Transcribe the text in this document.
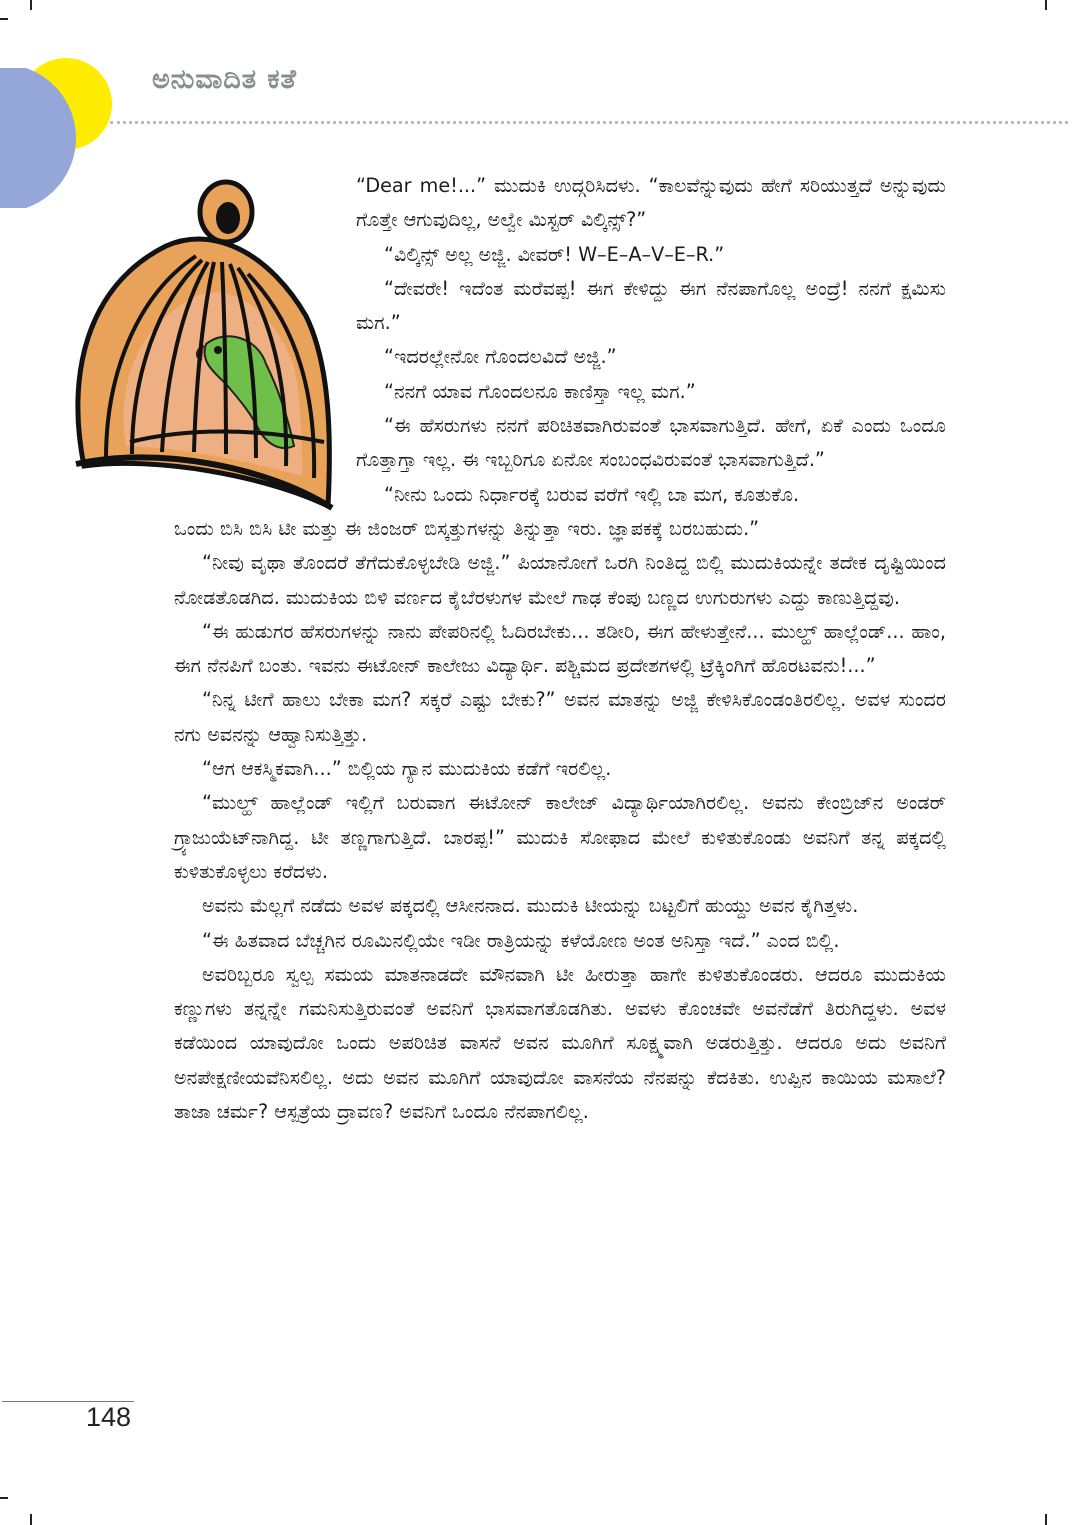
ಅನುವಾದಿತ ಕತೆ

“Dear me!...” ಮುದುಕಿ ಉದ್ಗರಿಸಿದಳು. “ಕಾಲವೆನ್ನುವುದು ಹೇಗೆ ಸರಿಯುತ್ತದೆ ಅನ್ನುವುದು ಗೊತ್ತೇ ಆಗುವುದಿಲ್ಲ, ಅಲ್ವೇ ಮಿಸ್ಟರ್ ವಿಲ್ಕಿನ್ಸ್?”

“ವಿಲ್ಕಿನ್ಸ್ ಅಲ್ಲ ಅಜ್ಜಿ. ವೀವರ್! W–E–A–V–E–R.”

“ದೇವರೇ! ಇದೆಂತ ಮರೆವಪ್ಪ! ಈಗ ಕೇಳಿದ್ದು ಈಗ ನೆನಪಾಗೊಲ್ಲ ಅಂದ್ರೆ! ನನಗೆ ಕ್ಷಮಿಸು ಮಗ.”

“ಇದರಲ್ಲೇನೋ ಗೊಂದಲವಿದೆ ಅಜ್ಜಿ.”

“ನನಗೆ ಯಾವ ಗೊಂದಲನೂ ಕಾಣಿಸ್ತಾ ಇಲ್ಲ ಮಗ.”

“ಈ ಹೆಸರುಗಳು ನನಗೆ ಪರಿಚಿತವಾಗಿರುವಂತೆ ಭಾಸವಾಗುತ್ತಿದೆ. ಹೇಗೆ, ಏಕೆ ಎಂದು ಒಂದೂ ಗೊತ್ತಾಗ್ತಾ ಇಲ್ಲ. ಈ ಇಬ್ಬರಿಗೂ ಏನೋ ಸಂಬಂಧವಿರುವಂತೆ ಭಾಸವಾಗುತ್ತಿದೆ.”

“ನೀನು ಒಂದು ನಿರ್ಧಾರಕ್ಕೆ ಬರುವ ವರೆಗೆ ಇಲ್ಲಿ ಬಾ ಮಗ, ಕೂತುಕೊ.

ಒಂದು ಬಿಸಿ ಬಿಸಿ ಟೀ ಮತ್ತು ಈ ಜಿಂಜರ್ ಬಿಸ್ಕತ್ತುಗಳನ್ನು ತಿನ್ನುತ್ತಾ ಇರು. ಜ್ಞಾಪಕಕ್ಕೆ ಬರಬಹುದು.”

“ನೀವು ವೃಥಾ ತೊಂದರೆ ತೆಗೆದುಕೊಳ್ಳಬೇಡಿ ಅಜ್ಜಿ.” ಪಿಯಾನೋಗೆ ಒರಗಿ ನಿಂತಿದ್ದ ಬಿಲ್ಲಿ ಮುದುಕಿಯನ್ನೇ ತದೇಕ ದೃಷ್ಟಿಯಿಂದ ನೋಡತೊಡಗಿದ. ಮುದುಕಿಯ ಬಿಳಿ ವರ್ಣದ ಕೈಬೆರಳುಗಳ ಮೇಲೆ ಗಾಢ ಕೆಂಪು ಬಣ್ಣದ ಉಗುರುಗಳು ಎದ್ದು ಕಾಣುತ್ತಿದ್ದವು.

“ಈ ಹುಡುಗರ ಹೆಸರುಗಳನ್ನು ನಾನು ಪೇಪರಿನಲ್ಲಿ ಓದಿರಬೇಕು... ತಡೀರಿ, ಈಗ ಹೇಳುತ್ತೇನೆ... ಮುಲ್ಹ್ ಹಾಲ್ಲೆಂಡ್... ಹಾಂ, ಈಗ ನೆನಪಿಗೆ ಬಂತು. ಇವನು ಈಟೋನ್ ಕಾಲೇಜು ವಿದ್ಯಾರ್ಥಿ. ಪಶ್ಚಿಮದ ಪ್ರದೇಶಗಳಲ್ಲಿ ಟ್ರೆಕ್ಕಿಂಗಿಗೆ ಹೊರಟವನು!...”

“ನಿನ್ನ ಟೀಗೆ ಹಾಲು ಬೇಕಾ ಮಗ? ಸಕ್ಕರೆ ಎಷ್ಟು ಬೇಕು?” ಅವನ ಮಾತನ್ನು ಅಜ್ಜಿ ಕೇಳಿಸಿಕೊಂಡಂತಿರಲಿಲ್ಲ. ಅವಳ ಸುಂದರ ನಗು ಅವನನ್ನು ಆಹ್ವಾನಿಸುತ್ತಿತ್ತು.

“ಆಗ ಆಕಸ್ಮಿಕವಾಗಿ...” ಬಿಲ್ಲಿಯ ಗ್ಯಾನ ಮುದುಕಿಯ ಕಡೆಗೆ ಇರಲಿಲ್ಲ.

“ಮುಲ್ಹ್ ಹಾಲ್ಲೆಂಡ್ ಇಲ್ಲಿಗೆ ಬರುವಾಗ ಈಟೋನ್ ಕಾಲೇಜ್ ವಿದ್ಯಾರ್ಥಿಯಾಗಿರಲಿಲ್ಲ. ಅವನು ಕೇಂಬ್ರಿಜ್‌ನ ಅಂಡರ್ ಗ್ರ್ಯಾಜುಯೆಟ್‌ನಾಗಿದ್ದ. ಟೀ ತಣ್ಣಗಾಗುತ್ತಿದೆ. ಬಾರಪ್ಪ!” ಮುದುಕಿ ಸೋಫಾದ ಮೇಲೆ ಕುಳಿತುಕೊಂಡು ಅವನಿಗೆ ತನ್ನ ಪಕ್ಕದಲ್ಲಿ ಕುಳಿತುಕೊಳ್ಳಲು ಕರೆದಳು.

ಅವನು ಮೆಲ್ಲಗೆ ನಡೆದು ಅವಳ ಪಕ್ಕದಲ್ಲಿ ಆಸೀನನಾದ. ಮುದುಕಿ ಟೀಯನ್ನು ಬಟ್ಟಲಿಗೆ ಹುಯ್ದು ಅವನ ಕೈಗಿತ್ತಳು.

“ಈ ಹಿತವಾದ ಬೆಚ್ಚಗಿನ ರೂಮಿನಲ್ಲಿಯೇ ಇಡೀ ರಾತ್ರಿಯನ್ನು ಕಳೆಯೋಣ ಅಂತ ಅನಿಸ್ತಾ ಇದೆ.” ಎಂದ ಬಿಲ್ಲಿ.

ಅವರಿಬ್ಬರೂ ಸ್ವಲ್ಪ ಸಮಯ ಮಾತನಾಡದೇ ಮೌನವಾಗಿ ಟೀ ಹೀರುತ್ತಾ ಹಾಗೇ ಕುಳಿತುಕೊಂಡರು. ಆದರೂ ಮುದುಕಿಯ ಕಣ್ಣುಗಳು ತನ್ನನ್ನೇ ಗಮನಿಸುತ್ತಿರುವಂತೆ ಅವನಿಗೆ ಭಾಸವಾಗತೊಡಗಿತು. ಅವಳು ಕೊಂಚವೇ ಅವನೆಡೆಗೆ ತಿರುಗಿದ್ದಳು. ಅವಳ ಕಡೆಯಿಂದ ಯಾವುದೋ ಒಂದು ಅಪರಿಚಿತ ವಾಸನೆ ಅವನ ಮೂಗಿಗೆ ಸೂಕ್ಷ್ಮವಾಗಿ ಅಡರುತ್ತಿತ್ತು. ಆದರೂ ಅದು ಅವನಿಗೆ ಅನಪೇಕ್ಷಣೀಯವೆನಿಸಲಿಲ್ಲ. ಅದು ಅವನ ಮೂಗಿಗೆ ಯಾವುದೋ ವಾಸನೆಯ ನೆನಪನ್ನು ಕೆದಕಿತು. ಉಪ್ಪಿನ ಕಾಯಿಯ ಮಸಾಲೆ? ತಾಜಾ ಚರ್ಮ? ಆಸ್ಪತ್ರೆಯ ದ್ರಾವಣ? ಅವನಿಗೆ ಒಂದೂ ನೆನಪಾಗಲಿಲ್ಲ.

148
